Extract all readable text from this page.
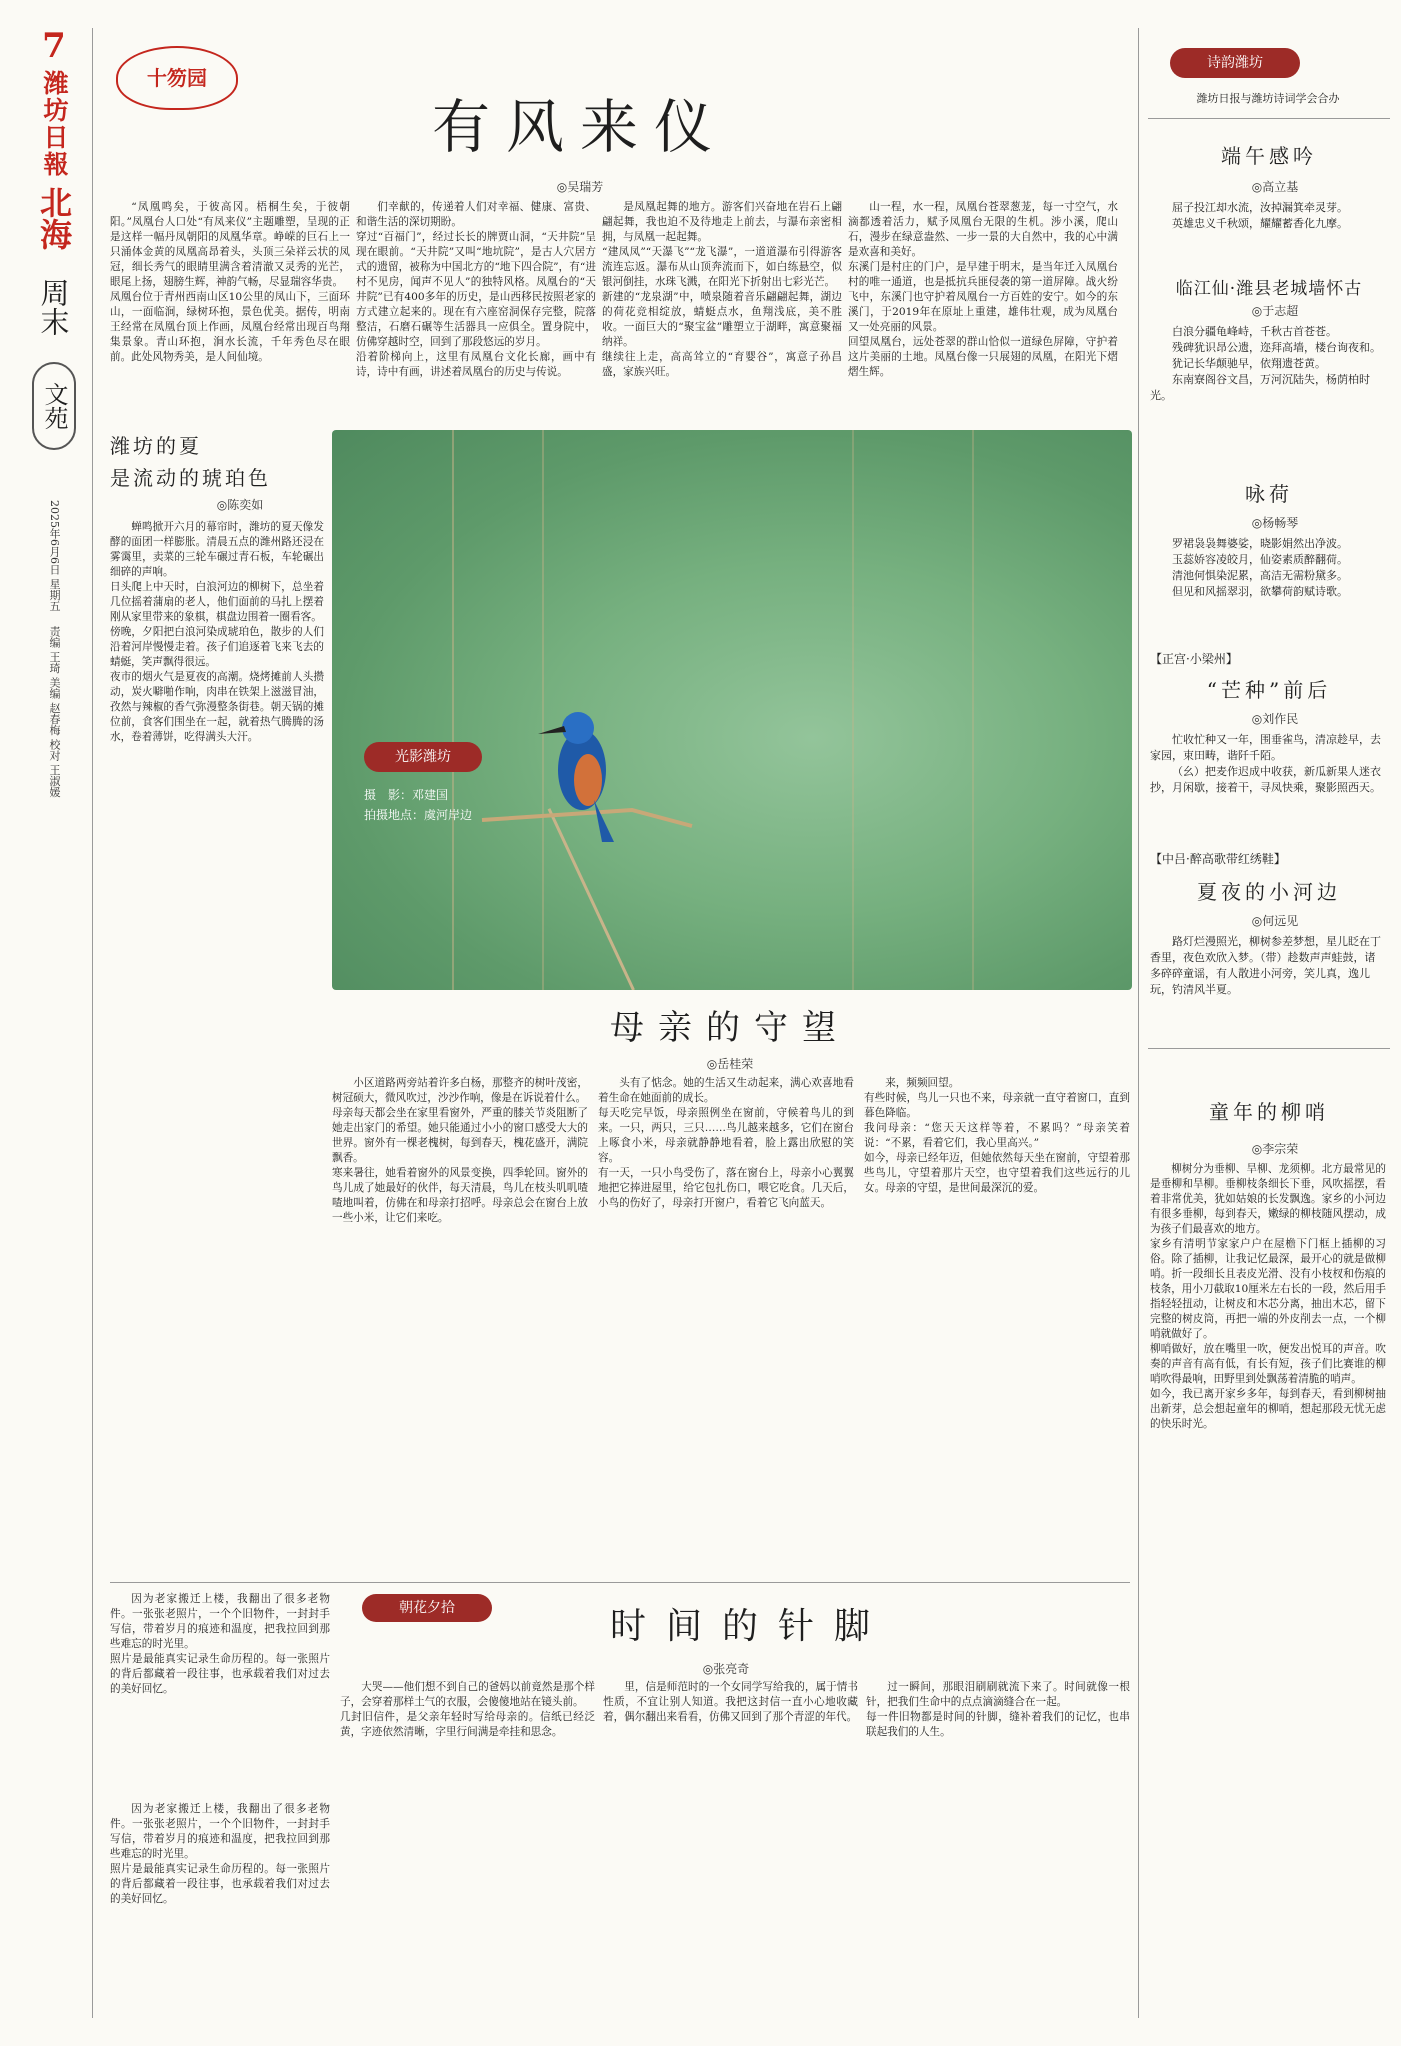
7
潍坊日報
北海
周末
文苑
2025年6月6日 星期五　 责编 王琦 美编 赵春梅 校对 王淑媛
十笏园
有风来仪
◎吴瑞芳
“凤凰鸣矣，于彼高冈。梧桐生矣，于彼朝阳。”凤凰台人口处“有凤来仪”主题雕塑，呈现的正是这样一幅丹凤朝阳的凤凰华章。峥嵘的巨石上一只涌体金黄的凤凰高昂着头，头顶三朵祥云状的凤冠，细长秀气的眼睛里满含着清澈又灵秀的光芒，眼尾上扬，翅膀生辉，神韵气畅，尽显瑞容华贵。
凤凰台位于青州西南山区10公里的凤山下，三面环山，一面临涧，绿树环抱，景色优美。据传，明南王经常在凤凰台顶上作画，凤凰台经常出现百鸟翔集景象。青山环抱，涧水长流，千年秀色尽在眼前。此处风物秀美，是人间仙境。
们幸献的，传递着人们对幸福、健康、富贵、和谐生活的深切期盼。
穿过“百福门”，经过长长的牌贾山洞，“天井院”呈现在眼前。“天井院”又叫“地坑院”，是古人穴居方式的遗留，被称为中国北方的“地下四合院”，有“进村不见房，闻声不见人”的独特风格。凤凰台的“天井院”已有400多年的历史，是山西移民按照老家的方式建立起来的。现在有六座窑洞保存完整，院落整洁，石磨石碾等生活器具一应俱全。置身院中，仿佛穿越时空，回到了那段悠远的岁月。
沿着阶梯向上，这里有凤凰台文化长廊，画中有诗，诗中有画，讲述着凤凰台的历史与传说。
是凤凰起舞的地方。游客们兴奋地在岩石上翩翩起舞，我也迫不及待地走上前去，与瀑布亲密相拥，与凤凰一起起舞。
“建凤凤”“天瀑飞”“龙飞瀑”，一道道瀑布引得游客流连忘返。瀑布从山顶奔流而下，如白练悬空，似银河倒挂，水珠飞溅，在阳光下折射出七彩光芒。
新建的“龙泉湖”中，喷泉随着音乐翩翩起舞，湖边的荷花竞相绽放，蜻蜓点水，鱼翔浅底，美不胜收。一面巨大的“聚宝盆”雕塑立于湖畔，寓意聚福纳祥。
继续往上走，高高耸立的“育婴谷”，寓意子孙昌盛，家族兴旺。
山一程，水一程，凤凰台苍翠葱茏，每一寸空气，水滴都透着活力，赋予凤凰台无限的生机。涉小溪，爬山石，漫步在绿意盎然、一步一景的大自然中，我的心中满是欢喜和美好。
东溪门是村庄的门户，是早建于明末，是当年迁入凤凰台村的唯一通道，也是抵抗兵匪侵袭的第一道屏障。战火纷飞中，东溪门也守护着凤凰台一方百姓的安宁。如今的东溪门，于2019年在原址上重建，雄伟壮观，成为凤凰台又一处亮丽的风景。
回望凤凰台，远处苍翠的群山恰似一道绿色屏障，守护着这片美丽的土地。凤凰台像一只展翅的凤凰，在阳光下熠熠生辉。
潍坊的夏
是流动的琥珀色
◎陈奕如
蝉鸣掀开六月的幕帘时，潍坊的夏天像发酵的面团一样膨胀。清晨五点的潍州路还浸在雾霭里，卖菜的三轮车碾过青石板，车轮碾出细碎的声响。
日头爬上中天时，白浪河边的柳树下，总坐着几位摇着蒲扇的老人，他们面前的马扎上摆着刚从家里带来的象棋，棋盘边围着一圈看客。
傍晚，夕阳把白浪河染成琥珀色，散步的人们沿着河岸慢慢走着。孩子们追逐着飞来飞去的蜻蜓，笑声飘得很远。
夜市的烟火气是夏夜的高潮。烧烤摊前人头攒动，炭火噼啪作响，肉串在铁架上滋滋冒油，孜然与辣椒的香气弥漫整条街巷。朝天锅的摊位前，食客们围坐在一起，就着热气腾腾的汤水，卷着薄饼，吃得满头大汗。
光影潍坊
摄　影：邓建国
拍摄地点：虞河岸边
母亲的守望
◎岳桂荣
小区道路两旁站着许多白杨，那整齐的树叶茂密，树冠硕大，微风吹过，沙沙作响，像是在诉说着什么。
母亲每天都会坐在家里看窗外，严重的膝关节炎阻断了她走出家门的希望。她只能通过小小的窗口感受大大的世界。窗外有一棵老槐树，每到春天，槐花盛开，满院飘香。
寒来暑往，她看着窗外的风景变换，四季轮回。窗外的鸟儿成了她最好的伙伴，每天清晨，鸟儿在枝头叽叽喳喳地叫着，仿佛在和母亲打招呼。母亲总会在窗台上放一些小米，让它们来吃。
头有了惦念。她的生活又生动起来，满心欢喜地看着生命在她面前的成长。
每天吃完早饭，母亲照例坐在窗前，守候着鸟儿的到来。一只，两只，三只……鸟儿越来越多，它们在窗台上啄食小米，母亲就静静地看着，脸上露出欣慰的笑容。
有一天，一只小鸟受伤了，落在窗台上，母亲小心翼翼地把它捧进屋里，给它包扎伤口，喂它吃食。几天后，小鸟的伤好了，母亲打开窗户，看着它飞向蓝天。
来，频频回望。
有些时候，鸟儿一只也不来，母亲就一直守着窗口，直到暮色降临。
我问母亲：“您天天这样等着，不累吗？”母亲笑着说：“不累，看着它们，我心里高兴。”
如今，母亲已经年迈，但她依然每天坐在窗前，守望着那些鸟儿，守望着那片天空，也守望着我们这些远行的儿女。母亲的守望，是世间最深沉的爱。
因为老家搬迁上楼，我翻出了很多老物件。一张张老照片，一个个旧物件，一封封手写信，带着岁月的痕迹和温度，把我拉回到那些难忘的时光里。
照片是最能真实记录生命历程的。每一张照片的背后都藏着一段往事，也承载着我们对过去的美好回忆。
朝花夕拾	时间的针脚
◎张亮奇
因为老家搬迁上楼，我翻出了很多老物件。一张张老照片，一个个旧物件，一封封手写信，带着岁月的痕迹和温度，把我拉回到那些难忘的时光里。
照片是最能真实记录生命历程的。每一张照片的背后都藏着一段往事，也承载着我们对过去的美好回忆。
大哭——他们想不到自己的爸妈以前竟然是那个样子，会穿着那样土气的衣服，会傻傻地站在镜头前。
几封旧信件，是父亲年轻时写给母亲的。信纸已经泛黄，字迹依然清晰，字里行间满是牵挂和思念。
里，信是师范时的一个女同学写给我的，属于情书性质，不宜让别人知道。我把这封信一直小心地收藏着，偶尔翻出来看看，仿佛又回到了那个青涩的年代。
过一瞬间，那眼泪刷刷就流下来了。时间就像一根针，把我们生命中的点点滴滴缝合在一起。
每一件旧物都是时间的针脚，缝补着我们的记忆，也串联起我们的人生。
诗韵潍坊
潍坊日报与潍坊诗词学会合办
端午感吟
◎高立基
屈子投江却水流，汝掉漏箕牵灵芽。
英雄忠义千秋颂，耀耀蓄香化九摩。
临江仙·潍县老城墙怀古
◎于志超
白浪分疆龟峰峙，千秋古首苍苍。
残碑犹识昂公遗，迩拜高墙，楼台询夜和。
犹记长华颠驰早，依翔遗苍黄。
东南寮阁谷文昌，万河沉陆失，杨荫柏时光。
咏荷
◎杨畅琴
罗裙袅袅舞婆娑，晓影娟然出净波。
玉蕊娇容凌皎月，仙姿素质醉翻荷。
清池何惧染泥累，高洁无需粉黛多。
但见和风摇翠羽，欲攀荷韵赋诗歌。
【正宫·小梁州】
“芒种”前后
◎刘作民
忙收忙种又一年，围垂雀鸟，清凉趁早，去家园，束田畴，谐阡千陌。
（幺）把麦作迟成中收获，新瓜新果人迷衣抄，月闲歇，接着干，寻凤快乘，聚影照西天。
【中吕·醉高歌带红绣鞋】
夏夜的小河边
◎何远见
路灯烂漫照光，柳树参差梦想，星儿眨在丁香里，夜色欢欣入梦。（带）趁数声声蛙鼓，诸多碎碎童谣，有人散进小河旁，笑儿真，逸儿玩，钓清风半夏。
童年的柳哨
◎李宗荣
柳树分为垂柳、旱柳、龙须柳。北方最常见的是垂柳和旱柳。垂柳枝条细长下垂，风吹摇摆，看着非常优美，犹如姑娘的长发飘逸。家乡的小河边有很多垂柳，每到春天，嫩绿的柳枝随风摆动，成为孩子们最喜欢的地方。
家乡有清明节家家户户在屋檐下门框上插柳的习俗。除了插柳，让我记忆最深，最开心的就是做柳哨。折一段细长且表皮光滑、没有小枝杈和伤痕的枝条，用小刀截取10厘米左右长的一段，然后用手指轻轻扭动，让树皮和木芯分离，抽出木芯，留下完整的树皮筒，再把一端的外皮削去一点，一个柳哨就做好了。
柳哨做好，放在嘴里一吹，便发出悦耳的声音。吹奏的声音有高有低，有长有短，孩子们比赛谁的柳哨吹得最响，田野里到处飘荡着清脆的哨声。
如今，我已离开家乡多年，每到春天，看到柳树抽出新芽，总会想起童年的柳哨，想起那段无忧无虑的快乐时光。
